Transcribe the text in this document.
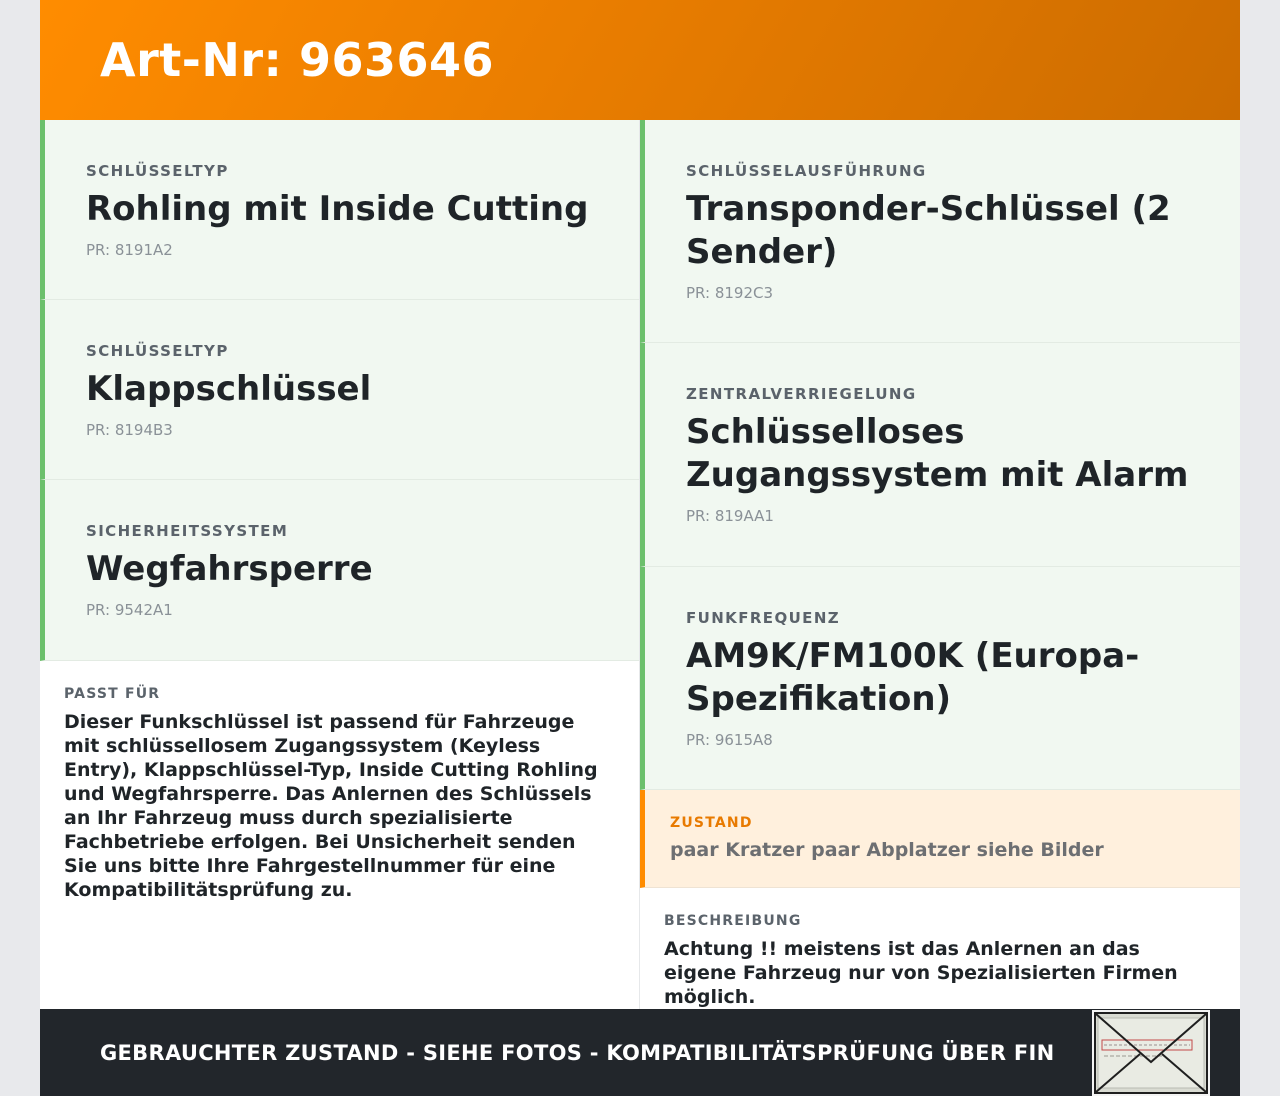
Art-Nr: 963646
SCHLÜSSELTYP
Rohling mit Inside Cutting
PR: 8191A2
SCHLÜSSELTYP
Klappschlüssel
PR: 8194B3
SICHERHEITSSYSTEM
Wegfahrsperre
PR: 9542A1
PASST FÜR
Dieser Funkschlüssel ist passend für Fahrzeuge mit schlüssellosem Zugangssystem (Keyless Entry), Klappschlüssel-Typ, Inside Cutting Rohling und Wegfahrsperre. Das Anlernen des Schlüssels an Ihr Fahrzeug muss durch spezialisierte Fachbetriebe erfolgen. Bei Unsicherheit senden Sie uns bitte Ihre Fahrgestellnummer für eine Kompatibilitätsprüfung zu.
SCHLÜSSELAUSFÜHRUNG
Transponder-Schlüssel (2 Sender)
PR: 8192C3
ZENTRALVERRIEGELUNG
Schlüsselloses Zugangssystem mit Alarm
PR: 819AA1
FUNKFREQUENZ
AM9K/FM100K (Europa-Spezifikation)
PR: 9615A8
ZUSTAND
paar Kratzer paar Abplatzer siehe Bilder
BESCHREIBUNG
Achtung !! meistens ist das Anlernen an das eigene Fahrzeug nur von Spezialisierten Firmen möglich.
GEBRAUCHTER ZUSTAND - SIEHE FOTOS - KOMPATIBILITÄTSPRÜFUNG ÜBER FIN
